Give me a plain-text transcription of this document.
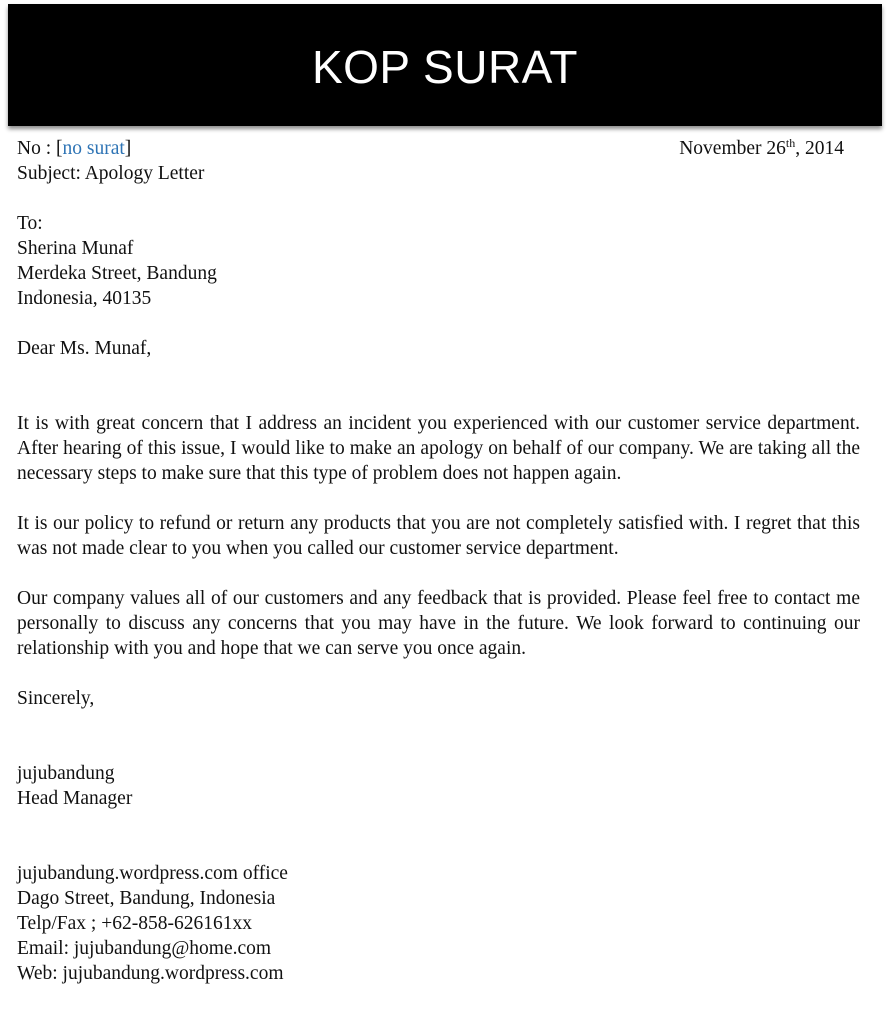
KOP SURAT
No : [no surat]	November 26th, 2014

Subject: Apology Letter

To:

Sherina Munaf

Merdeka Street, Bandung

Indonesia, 40135

Dear Ms. Munaf,

It is with great concern that I address an incident you experienced with our customer service department. After hearing of this issue, I would like to make an apology on behalf of our company. We are taking all the necessary steps to make sure that this type of problem does not happen again.

It is our policy to refund or return any products that you are not completely satisfied with. I regret that this was not made clear to you when you called our customer service department.

Our company values all of our customers and any feedback that is provided. Please feel free to contact me personally to discuss any concerns that you may have in the future. We look forward to continuing our relationship with you and hope that we can serve you once again.

Sincerely,

jujubandung

Head Manager

jujubandung.wordpress.com office

Dago Street, Bandung, Indonesia

Telp/Fax ; +62-858-626161xx

Email: jujubandung@home.com

Web: jujubandung.wordpress.com
